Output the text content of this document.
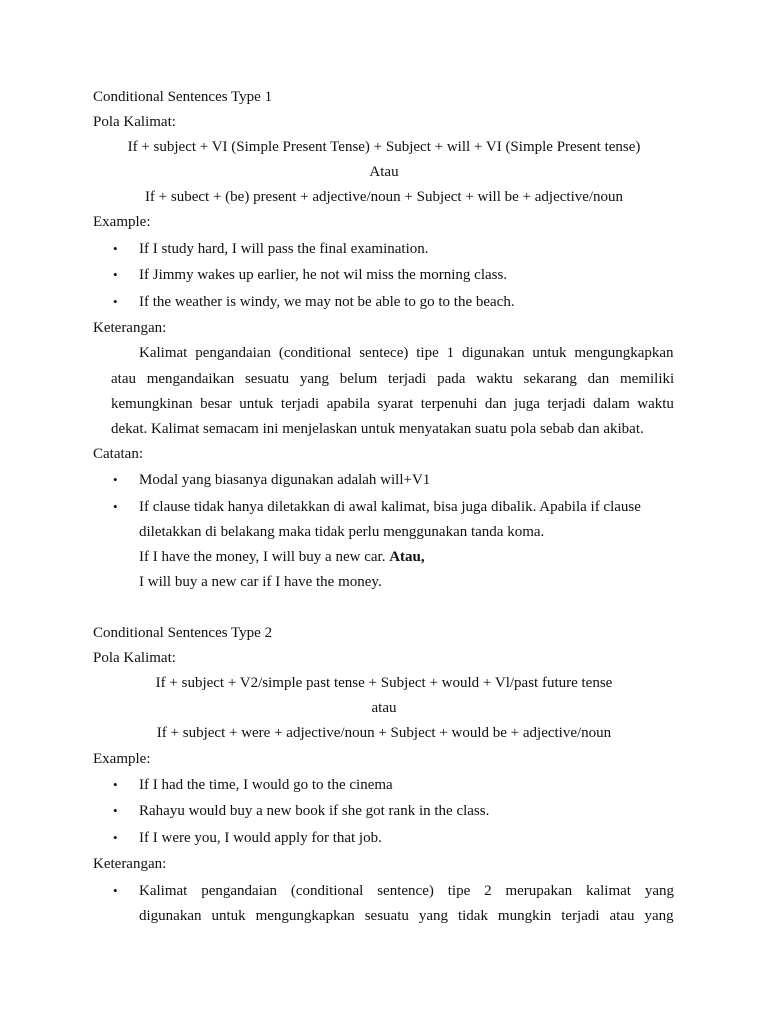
Conditional Sentences Type 1
Pola Kalimat:
If + subject + VI (Simple Present Tense) + Subject + will + VI (Simple Present tense)
Atau
If + subect + (be) present + adjective/noun + Subject + will be + adjective/noun
Example:
•	If I study hard, I will pass the final examination.
•	If Jimmy wakes up earlier, he not wil miss the morning class.
•	If the weather is windy, we may not be able to go to the beach.
Keterangan:
Kalimat pengandaian (conditional sentece) tipe 1 digunakan untuk mengungkapkan
atau mengandaikan sesuatu yang belum terjadi pada waktu sekarang dan memiliki
kemungkinan besar untuk terjadi apabila syarat terpenuhi dan juga terjadi dalam waktu
dekat. Kalimat semacam ini menjelaskan untuk menyatakan suatu pola sebab dan akibat.
Catatan:
•	Modal yang biasanya digunakan adalah will+V1
•	If clause tidak hanya diletakkan di awal kalimat, bisa juga dibalik. Apabila if clause
diletakkan di belakang maka tidak perlu menggunakan tanda koma.
If I have the money, I will buy a new car. Atau,
I will buy a new car if I have the money.
Conditional Sentences Type 2
Pola Kalimat:
If + subject + V2/simple past tense + Subject + would + Vl/past future tense
atau
If + subject + were + adjective/noun + Subject + would be + adjective/noun
Example:
•	If I had the time, I would go to the cinema
•	Rahayu would buy a new book if she got rank in the class.
•	If I were you, I would apply for that job.
Keterangan:
•	Kalimat pengandaian (conditional sentence) tipe 2 merupakan kalimat yang
digunakan untuk mengungkapkan sesuatu yang tidak mungkin terjadi atau yang
